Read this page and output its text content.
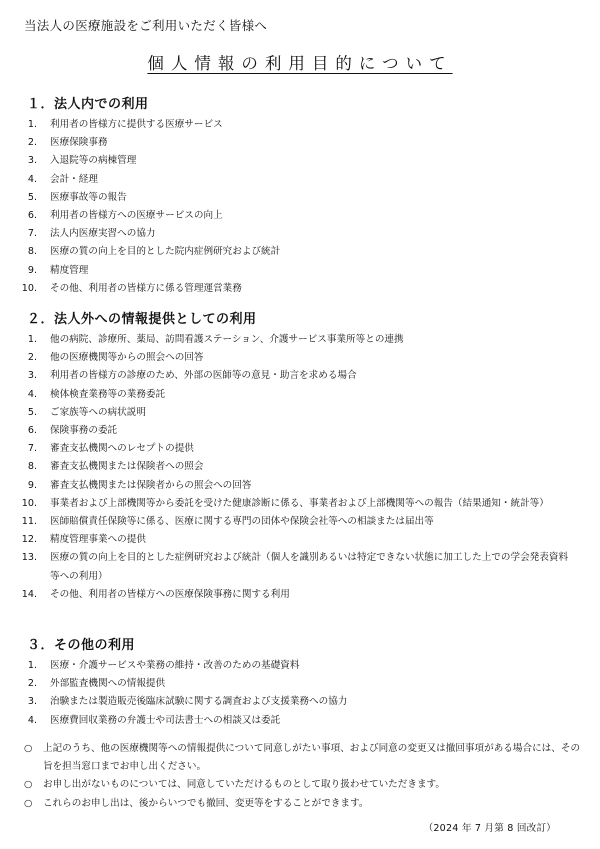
当法人の医療施設をご利用いただく皆様へ
個人情報の利用目的について
１．法人内での利用
1.	利用者の皆様方に提供する医療サービス
2.	医療保険事務
3.	入退院等の病棟管理
4.	会計・経理
5.	医療事故等の報告
6.	利用者の皆様方への医療サービスの向上
7.	法人内医療実習への協力
8.	医療の質の向上を目的とした院内症例研究および統計
9.	精度管理
10.	その他、利用者の皆様方に係る管理運営業務
２．法人外への情報提供としての利用
1.	他の病院、診療所、薬局、訪問看護ステーション、介護サービス事業所等との連携
2.	他の医療機関等からの照会への回答
3.	利用者の皆様方の診療のため、外部の医師等の意見・助言を求める場合
4.	検体検査業務等の業務委託
5.	ご家族等への病状説明
6.	保険事務の委託
7.	審査支払機関へのレセプトの提供
8.	審査支払機関または保険者への照会
9.	審査支払機関または保険者からの照会への回答
10.	事業者および上部機関等から委託を受けた健康診断に係る、事業者および上部機関等への報告（結果通知・統計等）
11.	医師賠償責任保険等に係る、医療に関する専門の団体や保険会社等への相談または届出等
12.	精度管理事業への提供
13.	医療の質の向上を目的とした症例研究および統計（個人を識別あるいは特定できない状態に加工した上での学会発表資料等への利用）
14.	その他、利用者の皆様方への医療保険事務に関する利用
３．その他の利用
1.	医療・介護サービスや業務の維持・改善のための基礎資料
2.	外部監査機関への情報提供
3.	治験または製造販売後臨床試験に関する調査および支援業務への協力
4.	医療費回収業務の弁護士や司法書士への相談又は委託
○	上記のうち、他の医療機関等への情報提供について同意しがたい事項、および同意の変更又は撤回事項がある場合には、その旨を担当窓口までお申し出ください。
○	お申し出がないものについては、同意していただけるものとして取り扱わせていただきます。
○	これらのお申し出は、後からいつでも撤回、変更等をすることができます。
（2024 年 7 月第 8 回改訂）
